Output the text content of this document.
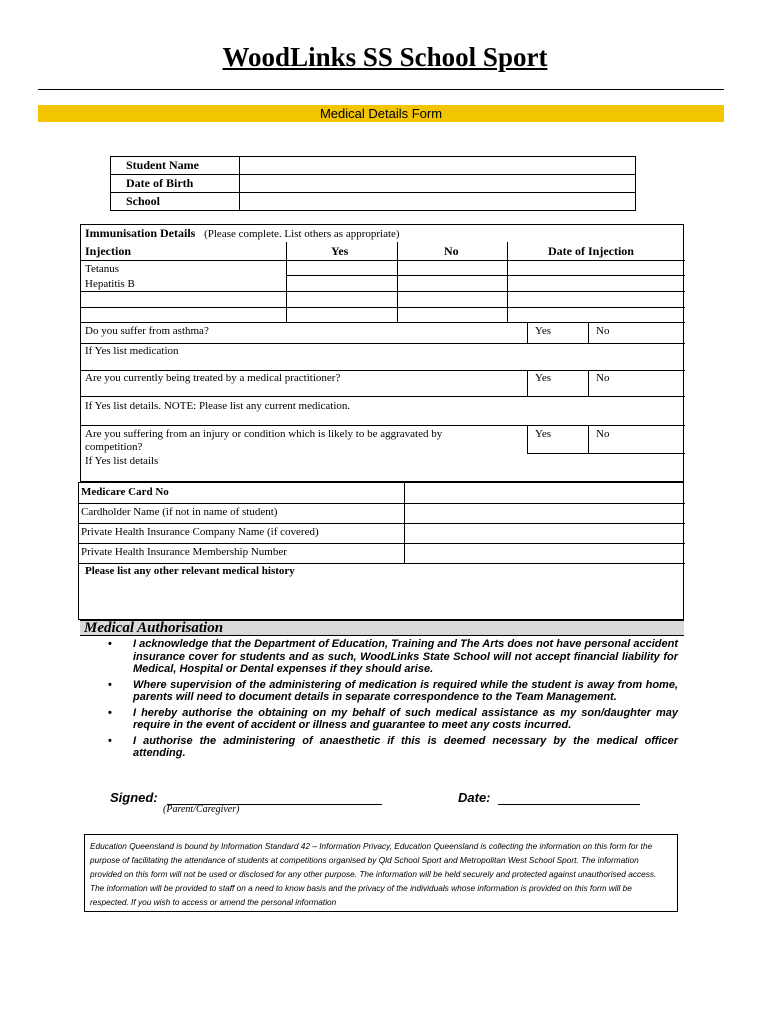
WoodLinks SS School Sport
Medical Details Form
Student Name	
Date of Birth	
School	
Immunisation Details (Please complete. List others as appropriate)
Injection	Yes	No	Date of Injection
Tetanus
Hepatitis B
Do you suffer from asthma?	Yes	No
If Yes list medication
Are you currently being treated by a medical practitioner?	Yes	No
If Yes list details. NOTE: Please list any current medication.
Are you suffering from an injury or condition which is likely to be aggravated by competition?
Yes	No
If Yes list details
Medicare Card No
Cardholder Name (if not in name of student)
Private Health Insurance Company Name (if covered)
Private Health Insurance Membership Number
Please list any other relevant medical history
Medical Authorisation
• I acknowledge that the Department of Education, Training and The Arts does not have personal accident insurance cover for students and as such, WoodLinks State School will not accept financial liability for Medical, Hospital or Dental expenses if they should arise.
• Where supervision of the administering of medication is required while the student is away from home, parents will need to document details in separate correspondence to the Team Management.
• I hereby authorise the obtaining on my behalf of such medical assistance as my son/daughter may require in the event of accident or illness and guarantee to meet any costs incurred.
• I authorise the administering of anaesthetic if this is deemed necessary by the medical officer attending.
Signed:
(Parent/Caregiver)
Date:
Education Queensland is bound by Information Standard 42 – Information Privacy, Education Queensland is collecting the information on this form for the purpose of facilitating the attendance of students at competitions organised by Qld School Sport and Metropolitan West School Sport. The information provided on this form will not be used or disclosed for any other purpose. The information will be held securely and protected against unauthorised access. The information will be provided to staff on a need to know basis and the privacy of the individuals whose information is provided on this form will be respected. If you wish to access or amend the personal information
